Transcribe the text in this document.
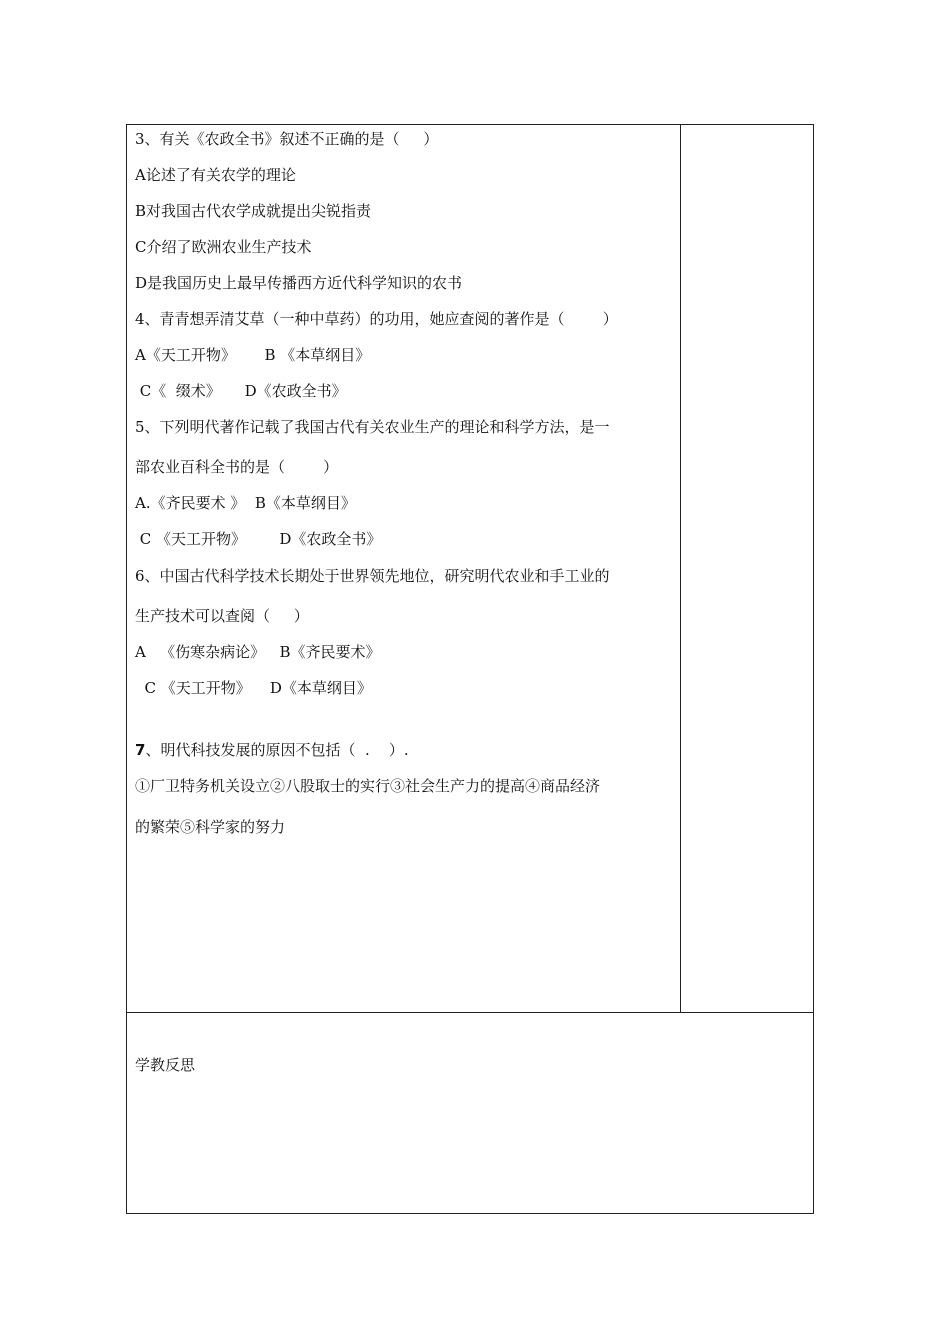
3、有关《农政全书》叙述不正确的是（     ）
A论述了有关农学的理论
B对我国古代农学成就提出尖锐指责
C介绍了欧洲农业生产技术
D是我国历史上最早传播西方近代科学知识的农书
4、青青想弄清艾草（一种中草药）的功用，她应查阅的著作是（        ）
A《天工开物》      B 《本草纲目》
C《  缀术》     D《农政全书》
5、下列明代著作记载了我国古代有关农业生产的理论和科学方法，是一
部农业百科全书的是（        ）
A.《齐民要术 》  B《本草纲目》
C 《天工开物》       D《农政全书》
6、中国古代科学技术长期处于世界领先地位，研究明代农业和手工业的
生产技术可以查阅（     ）
A   《伤寒杂病论》   B《齐民要术》
C 《天工开物》    D《本草纲目》
7、明代科技发展的原因不包括（  .    ）.
①厂卫特务机关设立②八股取士的实行③社会生产力的提高④商品经济
的繁荣⑤科学家的努力
学教反思
